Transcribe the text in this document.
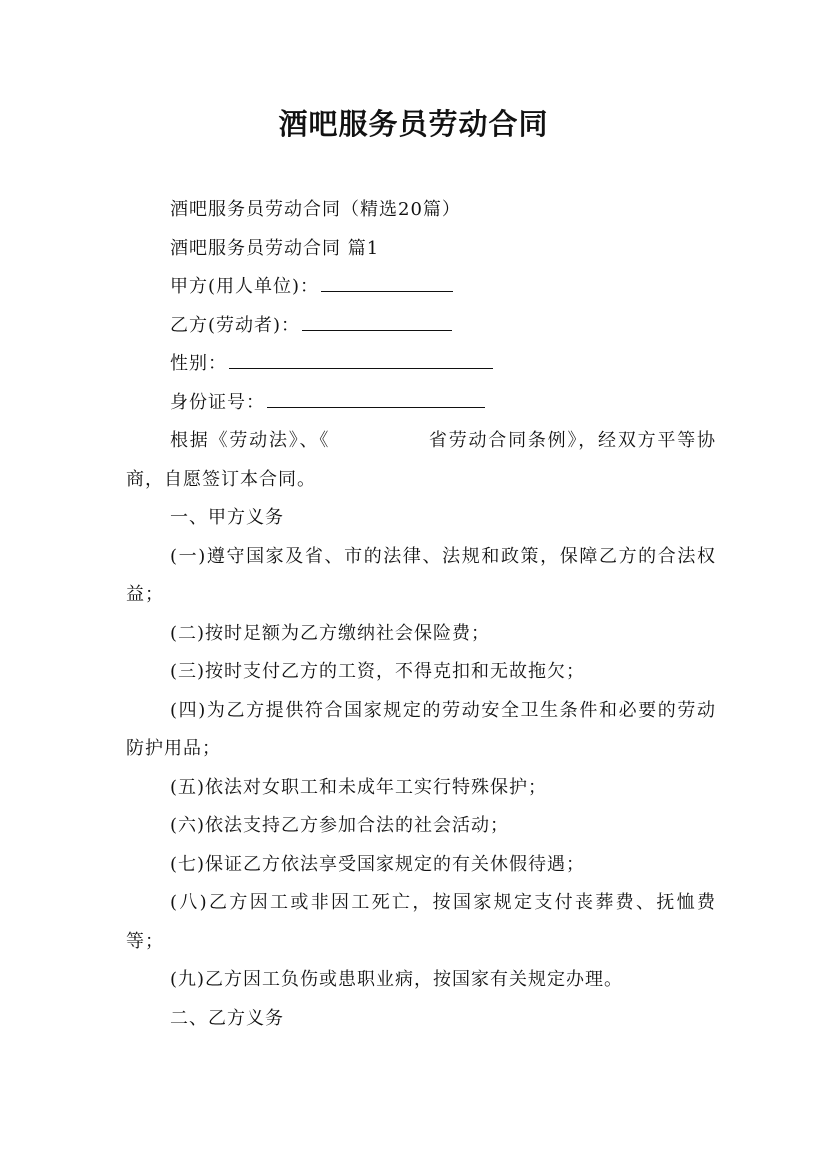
酒吧服务员劳动合同

酒吧服务员劳动合同（精选20篇）

酒吧服务员劳动合同 篇1

甲方(用人单位)：

乙方(劳动者)：

性别：

身份证号：

根据《劳动法》、《	省劳动合同条例》，经双方平等协商，自愿签订本合同。

一、甲方义务

(一)遵守国家及省、市的法律、法规和政策，保障乙方的合法权益；

(二)按时足额为乙方缴纳社会保险费；

(三)按时支付乙方的工资，不得克扣和无故拖欠；

(四)为乙方提供符合国家规定的劳动安全卫生条件和必要的劳动防护用品；

(五)依法对女职工和未成年工实行特殊保护；

(六)依法支持乙方参加合法的社会活动；

(七)保证乙方依法享受国家规定的有关休假待遇；

(八)乙方因工或非因工死亡，按国家规定支付丧葬费、抚恤费等；

(九)乙方因工负伤或患职业病，按国家有关规定办理。

二、乙方义务
